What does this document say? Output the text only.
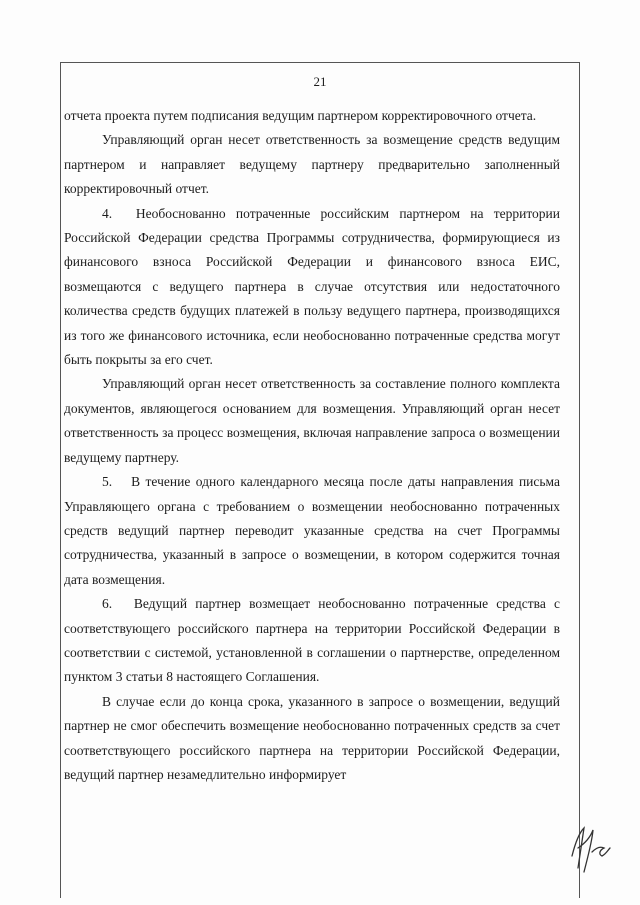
21

отчета проекта путем подписания ведущим партнером корректировочного отчета.

Управляющий орган несет ответственность за возмещение средств ведущим партнером и направляет ведущему партнеру предварительно заполненный корректировочный отчет.

4.  Необоснованно потраченные российским партнером на территории Российской Федерации средства Программы сотрудничества, формирующиеся из финансового взноса Российской Федерации и финансового взноса ЕИС, возмещаются с ведущего партнера в случае отсутствия или недостаточного количества средств будущих платежей в пользу ведущего партнера, производящихся из того же финансового источника, если необоснованно потраченные средства могут быть покрыты за его счет.

Управляющий орган несет ответственность за составление полного комплекта документов, являющегося основанием для возмещения. Управляющий орган несет ответственность за процесс возмещения, включая направление запроса о возмещении ведущему партнеру.

5.  В течение одного календарного месяца после даты направления письма Управляющего органа с требованием о возмещении необоснованно потраченных средств ведущий партнер переводит указанные средства на счет Программы сотрудничества, указанный в запросе о возмещении, в котором содержится точная дата возмещения.

6.  Ведущий партнер возмещает необоснованно потраченные средства с соответствующего российского партнера на территории Российской Федерации в соответствии с системой, установленной в соглашении о партнерстве, определенном пунктом 3 статьи 8 настоящего Соглашения.

В случае если до конца срока, указанного в запросе о возмещении, ведущий партнер не смог обеспечить возмещение необоснованно потраченных средств за счет соответствующего российского партнера на территории Российской Федерации, ведущий партнер незамедлительно информирует
